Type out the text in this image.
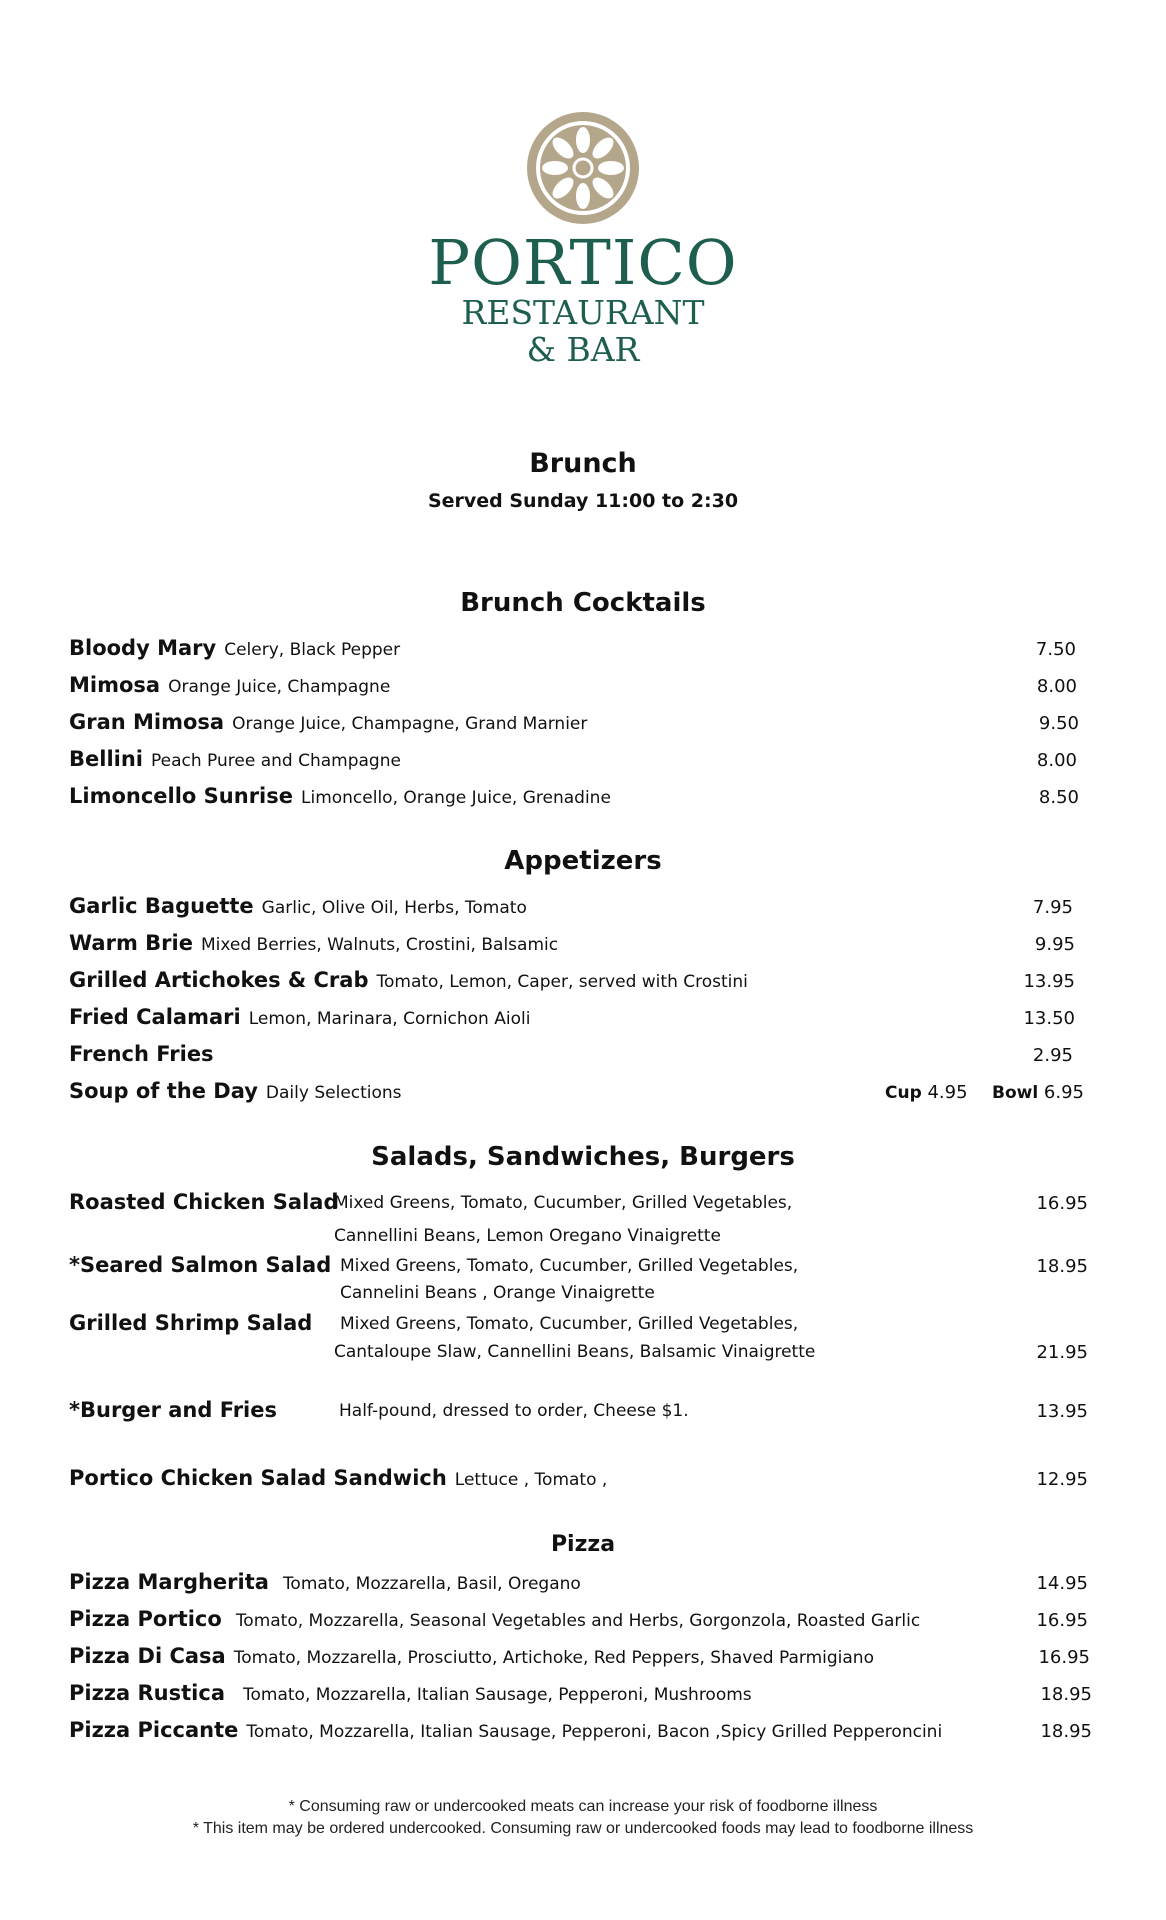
PORTICO
RESTAURANT
& BAR
Brunch
Served Sunday 11:00 to 2:30
Brunch Cocktails
Bloody Mary Celery, Black Pepper	7.50
Mimosa Orange Juice, Champagne	8.00
Gran Mimosa Orange Juice, Champagne, Grand Marnier	9.50
Bellini Peach Puree and Champagne	8.00
Limoncello Sunrise Limoncello, Orange Juice, Grenadine	8.50
Appetizers
Garlic Baguette Garlic, Olive Oil, Herbs, Tomato	7.95
Warm Brie Mixed Berries, Walnuts, Crostini, Balsamic	9.95
Grilled Artichokes & Crab Tomato, Lemon, Caper, served with Crostini	13.95
Fried Calamari Lemon, Marinara, Cornichon Aioli	13.50
French Fries	2.95
Soup of the Day Daily Selections	Cup 4.95 Bowl 6.95
Salads, Sandwiches, Burgers
Roasted Chicken Salad
Mixed Greens, Tomato, Cucumber, Grilled Vegetables,
Cannellini Beans, Lemon Oregano Vinaigrette
16.95
*Seared Salmon Salad Mixed Greens, Tomato, Cucumber, Grilled Vegetables,
Cannelini Beans , Orange Vinaigrette
18.95
Grilled Shrimp Salad Mixed Greens, Tomato, Cucumber, Grilled Vegetables,
Cantaloupe Slaw, Cannellini Beans, Balsamic Vinaigrette	21.95
*Burger and Fries	Half-pound, dressed to order, Cheese $1.	13.95
Portico Chicken Salad Sandwich Lettuce , Tomato ,	12.95
Pizza
Pizza Margherita Tomato, Mozzarella, Basil, Oregano	14.95
Pizza Portico Tomato, Mozzarella, Seasonal Vegetables and Herbs, Gorgonzola, Roasted Garlic	16.95
Pizza Di Casa Tomato, Mozzarella, Prosciutto, Artichoke, Red Peppers, Shaved Parmigiano	16.95
Pizza Rustica Tomato, Mozzarella, Italian Sausage, Pepperoni, Mushrooms	18.95
Pizza Piccante Tomato, Mozzarella, Italian Sausage, Pepperoni, Bacon ,Spicy Grilled Pepperoncini	18.95
* Consuming raw or undercooked meats can increase your risk of foodborne illness
* This item may be ordered undercooked. Consuming raw or undercooked foods may lead to foodborne illness
